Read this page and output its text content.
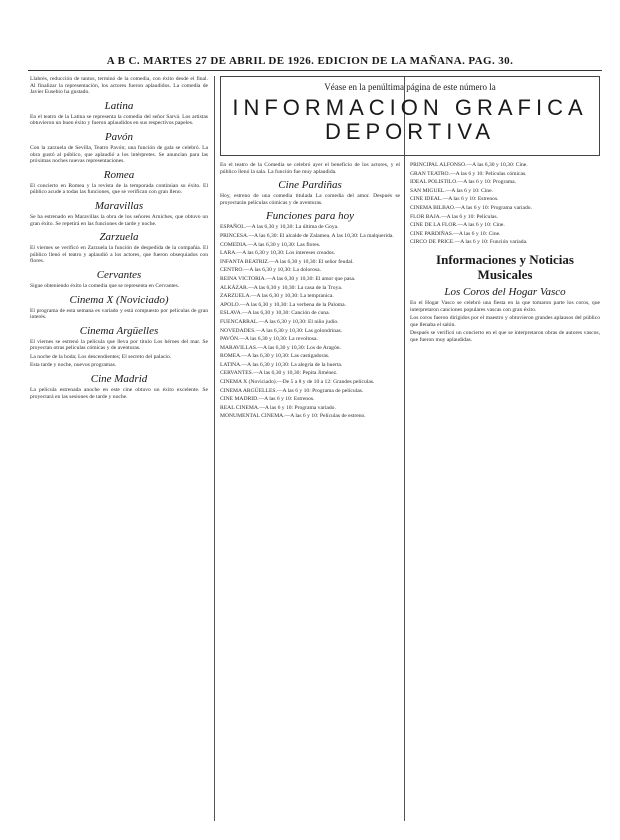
A B C. MARTES 27 DE ABRIL DE 1926. EDICION DE LA MAÑANA. PAG. 30.
Véase en la penúltima página de este número la
INFORMACION GRAFICA
DEPORTIVA

Llabrés, reducción de tantos, terminó de la comedia, con éxito desde el final. Al finalizar la representación, los actores fueron aplaudidos. La comedia de Javier Eusebio ha gustado.

Latina

En el teatro de la Latina se representa la comedia del señor Sarvá. Los artistas obtuvieron un buen éxito y fueron aplaudidos en sus respectivos papeles.

Pavón

Con la zarzuela de Sevilla, Teatro Pavón; una función de gala se celebró. La obra gustó al público, que aplaudió a los intérpretes. Se anuncian para las próximas noches nuevas representaciones.

Romea

El concierto en Romea y la revista de la temporada continúan su éxito. El público acude a todas las funciones, que se verifican con gran lleno.

Maravillas

Se ha estrenado en Maravillas la obra de los señores Arniches, que obtuvo un gran éxito. Se repetirá en las funciones de tarde y noche.

Zarzuela

El viernes se verificó en Zarzuela la función de despedida de la compañía. El público llenó el teatro y aplaudió a los actores, que fueron obsequiados con flores.

Cervantes

Sigue obteniendo éxito la comedia que se representa en Cervantes.

Cinema X (Noviciado)

El programa de esta semana es variado y está compuesto por películas de gran interés.

Cinema Argüelles

El viernes se estrenó la película que lleva por título Los héroes del mar. Se proyectan otras películas cómicas y de aventuras.

La noche de la boda; Los descendientes; El secreto del palacio.

Esta tarde y noche, nuevos programas.

Cine Madrid

La película estrenada anoche en este cine obtuvo un éxito excelente. Se proyectará en las sesiones de tarde y noche.

En el teatro de la Comedia se celebró ayer el beneficio de los actores, y el público llenó la sala. La función fue muy aplaudida.

Cine Pardiñas

Hoy, estreno de una comedia titulada La comedia del amor. Después se proyectarán películas cómicas y de aventuras.

Funciones para hoy

ESPAÑOL.—A las 6,30 y 10,30: La última de Goya.

PRINCESA.—A las 6,30: El alcalde de Zalamea. A las 10,30: La malquerida.

COMEDIA.—A las 6,30 y 10,30: Las flores.

LARA.—A las 6,30 y 10,30: Los intereses creados.

INFANTA BEATRIZ.—A las 6,30 y 10,30: El señor feudal.

CENTRO.—A las 6,30 y 10,30: La dolorosa.

REINA VICTORIA.—A las 6,30 y 10,30: El amor que pasa.

ALKÁZAR.—A las 6,30 y 10,30: La casa de la Troya.

ZARZUELA.—A las 6,30 y 10,30: La tempranica.

APOLO.—A las 6,30 y 10,30: La verbena de la Paloma.

ESLAVA.—A las 6,30 y 10,30: Canción de cuna.

FUENCARRAL.—A las 6,30 y 10,30: El niño judío.

NOVEDADES.—A las 6,30 y 10,30: Las golondrinas.

PAVÓN.—A las 6,30 y 10,30: La revoltosa.

MARAVILLAS.—A las 6,30 y 10,30: Los de Aragón.

ROMEA.—A las 6,30 y 10,30: Las castigadoras.

LATINA.—A las 6,30 y 10,30: La alegría de la huerta.

CERVANTES.—A las 6,30 y 10,30: Pepita Jiménez.

CINEMA X (Noviciado).—De 5 a 8 y de 10 a 12: Grandes películas.

CINEMA ARGÜELLES.—A las 6 y 10: Programa de películas.

CINE MADRID.—A las 6 y 10: Estrenos.

REAL CINEMA.—A las 6 y 10: Programa variado.

MONUMENTAL CINEMA.—A las 6 y 10: Películas de estreno.

PRINCIPAL ALFONSO.—A las 6,30 y 10,30: Cine.

GRAN TEATRO.—A las 6 y 10: Películas cómicas.

IDEAL POLISTILO.—A las 6 y 10: Programa.

SAN MIGUEL.—A las 6 y 10: Cine.

CINE IDEAL.—A las 6 y 10: Estrenos.

CINEMA BILBAO.—A las 6 y 10: Programa variado.

FLOR BAJA.—A las 6 y 10: Películas.

CINE DE LA FLOR.—A las 6 y 10: Cine.

CINE PARDIÑAS.—A las 6 y 10: Cine.

CIRCO DE PRICE.—A las 6 y 10: Función variada.

Informaciones y Noticias Musicales
Los Coros del Hogar Vasco

En el Hogar Vasco se celebró una fiesta en la que tomaron parte los coros, que interpretaron canciones populares vascas con gran éxito.

Los coros fueron dirigidos por el maestro y obtuvieron grandes aplausos del público que llenaba el salón.

Después se verificó un concierto en el que se interpretaron obras de autores vascos, que fueron muy aplaudidas.
